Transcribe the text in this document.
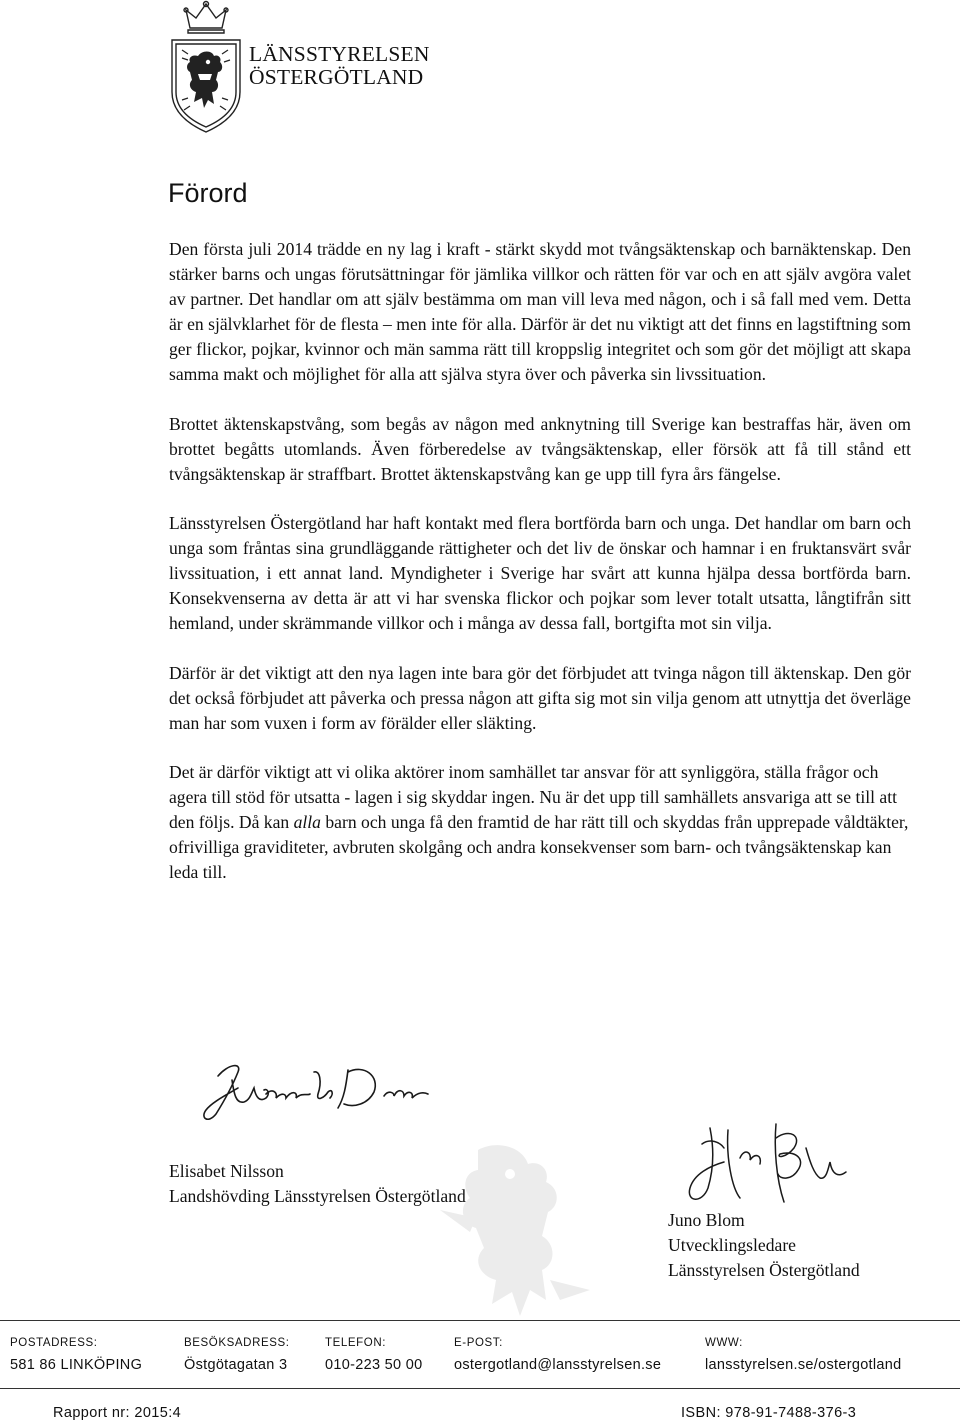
LÄNSSTYRELSEN
ÖSTERGÖTLAND
Förord

Den första juli 2014 trädde en ny lag i kraft - stärkt skydd mot tvångsäktenskap och barnäktenskap. Den stärker barns och ungas förutsättningar för jämlika villkor och rätten för var och en att själv avgöra valet av partner. Det handlar om att själv bestämma om man vill leva med någon, och i så fall med vem. Detta är en självklarhet för de flesta – men inte för alla. Därför är det nu viktigt att det finns en lagstiftning som ger flickor, pojkar, kvinnor och män samma rätt till kroppslig integritet och som gör det möjligt att skapa samma makt och möjlighet för alla att själva styra över och påverka sin livssituation.

Brottet äktenskapstvång, som begås av någon med anknytning till Sverige kan bestraffas här, även om brottet begåtts utomlands. Även förberedelse av tvångsäktenskap, eller försök att få till stånd ett tvångsäktenskap är straffbart. Brottet äktenskapstvång kan ge upp till fyra års fängelse.

Länsstyrelsen Östergötland har haft kontakt med flera bortförda barn och unga. Det handlar om barn och unga som fråntas sina grundläggande rättigheter och det liv de önskar och hamnar i en fruktansvärt svår livssituation, i ett annat land. Myndigheter i Sverige har svårt att kunna hjälpa dessa bortförda barn. Konsekvenserna av detta är att vi har svenska flickor och pojkar som lever totalt utsatta, långtifrån sitt hemland, under skrämmande villkor och i många av dessa fall, bortgifta mot sin vilja.

Därför är det viktigt att den nya lagen inte bara gör det förbjudet att tvinga någon till äktenskap. Den gör det också förbjudet att påverka och pressa någon att gifta sig mot sin vilja genom att utnyttja det överläge man har som vuxen i form av förälder eller släkting.

Det är därför viktigt att vi olika aktörer inom samhället tar ansvar för att synliggöra, ställa frågor och agera till stöd för utsatta - lagen i sig skyddar ingen. Nu är det upp till samhällets ansvariga att se till att den följs. Då kan alla barn och unga få den framtid de har rätt till och skyddas från upprepade våldtäkter, ofrivilliga graviditeter, avbruten skolgång och andra konsekvenser som barn- och tvångsäktenskap kan leda till.

Elisabet Nilsson
Landshövding Länsstyrelsen Östergötland
Juno Blom
Utvecklingsledare
Länsstyrelsen Östergötland
POSTADRESS:
581 86 LINKÖPING
BESÖKSADRESS:
Östgötagatan 3
TELEFON:
010-223 50 00
E-POST:
ostergotland@lansstyrelsen.se
WWW:
lansstyrelsen.se/ostergotland
Rapport nr: 2015:4	ISBN: 978-91-7488-376-3
